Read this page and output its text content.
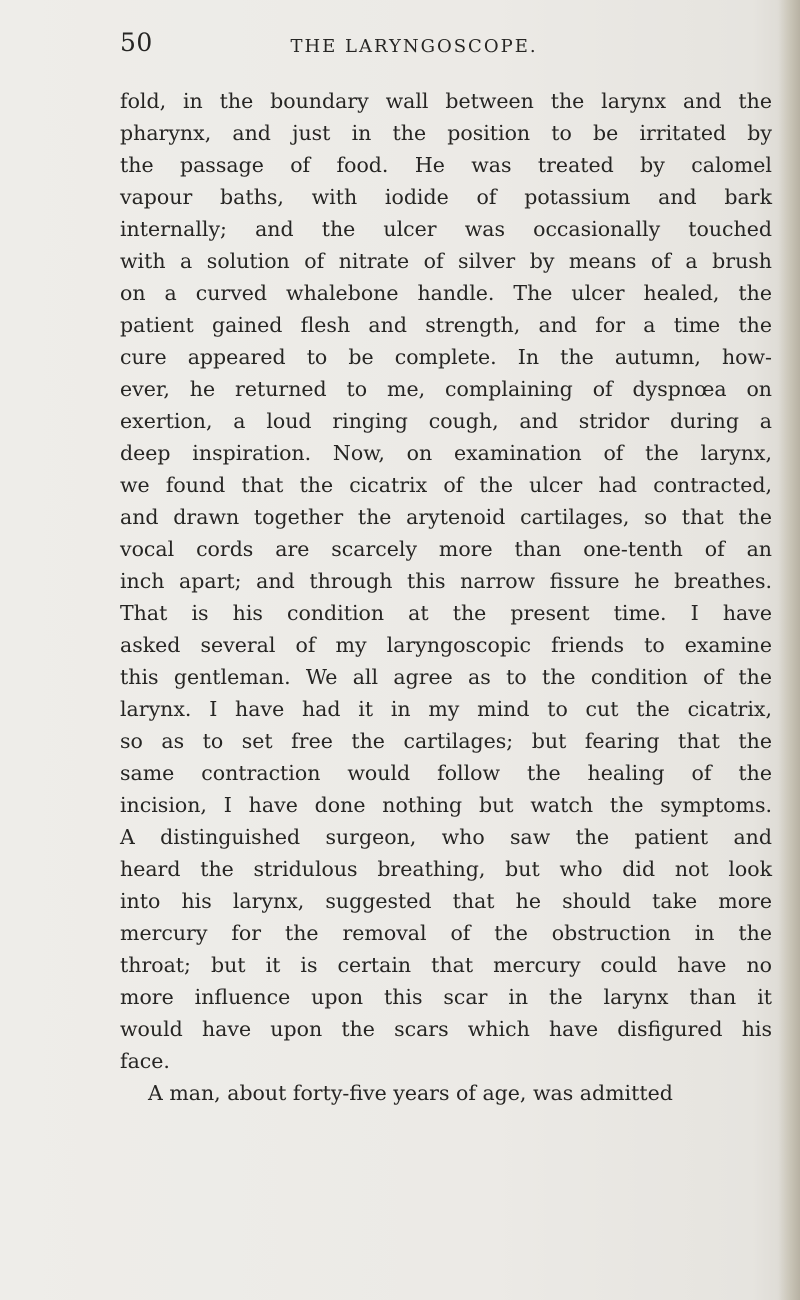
50	THE LARYNGOSCOPE.
fold, in the boundary wall between the larynx and the
pharynx, and just in the position to be irritated by
the passage of food. He was treated by calomel
vapour baths, with iodide of potassium and bark
internally; and the ulcer was occasionally touched
with a solution of nitrate of silver by means of a brush
on a curved whalebone handle. The ulcer healed, the
patient gained flesh and strength, and for a time the
cure appeared to be complete. In the autumn, how-
ever, he returned to me, complaining of dyspnœa on
exertion, a loud ringing cough, and stridor during a
deep inspiration. Now, on examination of the larynx,
we found that the cicatrix of the ulcer had contracted,
and drawn together the arytenoid cartilages, so that the
vocal cords are scarcely more than one-tenth of an
inch apart; and through this narrow fissure he breathes.
That is his condition at the present time. I have
asked several of my laryngoscopic friends to examine
this gentleman. We all agree as to the condition of the
larynx. I have had it in my mind to cut the cicatrix,
so as to set free the cartilages; but fearing that the
same contraction would follow the healing of the
incision, I have done nothing but watch the symptoms.
A distinguished surgeon, who saw the patient and
heard the stridulous breathing, but who did not look
into his larynx, suggested that he should take more
mercury for the removal of the obstruction in the
throat; but it is certain that mercury could have no
more influence upon this scar in the larynx than it
would have upon the scars which have disfigured his
face.
A man, about forty-five years of age, was admitted
